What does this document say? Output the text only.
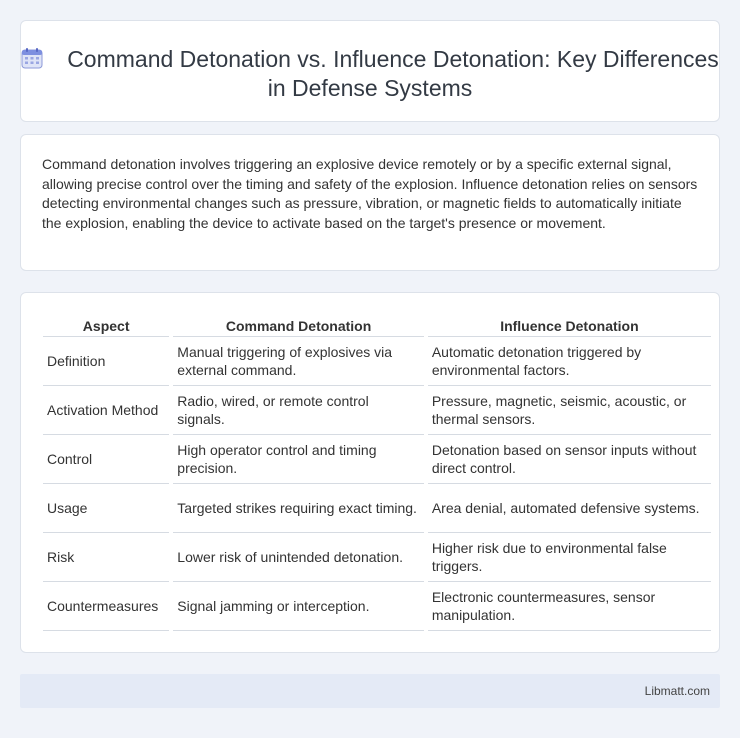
Command Detonation vs. Influence Detonation: Key Differences in Defense Systems

Command detonation involves triggering an explosive device remotely or by a specific external signal, allowing precise control over the timing and safety of the explosion. Influence detonation relies on sensors detecting environmental changes such as pressure, vibration, or magnetic fields to automatically initiate the explosion, enabling the device to activate based on the target's presence or movement.

Aspect	Command Detonation	Influence Detonation
Definition	Manual triggering of explosives via external command.	Automatic detonation triggered by environmental factors.
Activation Method	Radio, wired, or remote control signals.	Pressure, magnetic, seismic, acoustic, or thermal sensors.
Control	High operator control and timing precision.	Detonation based on sensor inputs without direct control.
Usage	Targeted strikes requiring exact timing.	Area denial, automated defensive systems.
Risk	Lower risk of unintended detonation.	Higher risk due to environmental false triggers.
Countermeasures	Signal jamming or interception.	Electronic countermeasures, sensor manipulation.
Libmatt.com
